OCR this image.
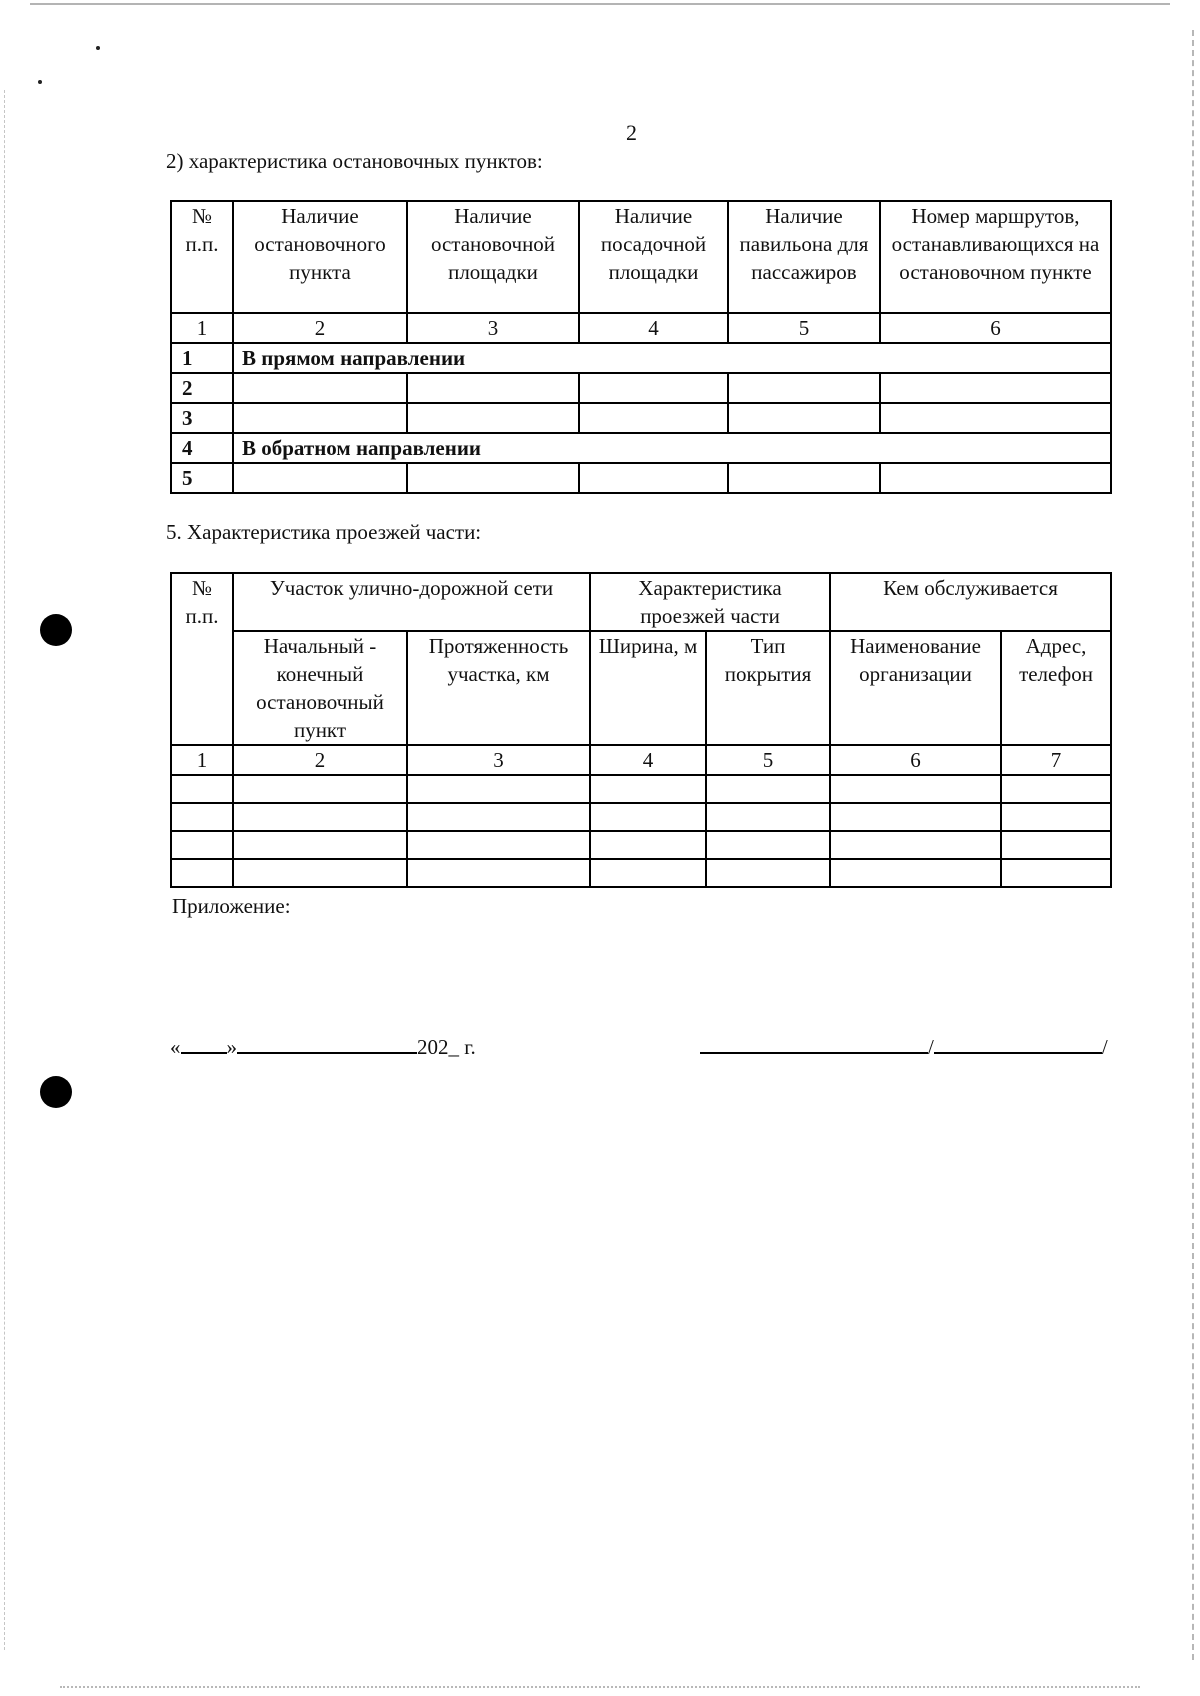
2
2) характеристика остановочных пунктов:
№ п.п.	Наличие остановочного пункта	Наличие остановочной площадки	Наличие посадочной площадки	Наличие павильона для пассажиров	Номер маршрутов, останавливающихся на остановочном пункте
1	2	3	4	5	6
1	В прямом направлении				
2					
3					
4	В обратном направлении				
5					
5. Характеристика проезжей части:
№ п.п.	Участок улично-дорожной сети		Характеристика проезжей части		Кем обслуживается	
	Начальный - конечный остановочный пункт	Протяженность участка, км	Ширина, м	Тип покрытия	Наименование организации	Адрес, телефон
1	2	3	4	5	6	7

Приложение:
« »	202_ г.	/	/
